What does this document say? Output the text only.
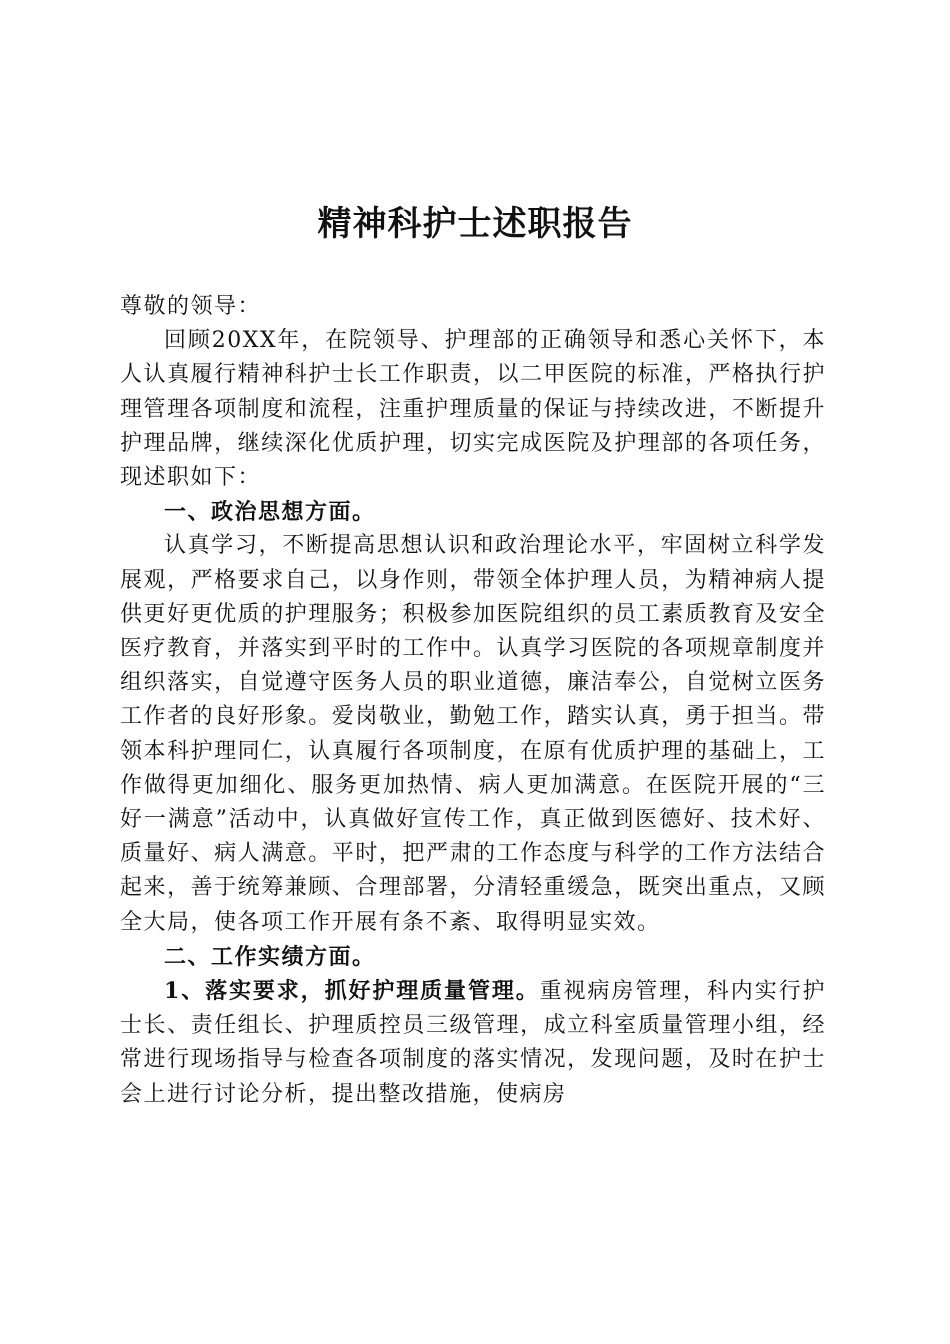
精神科护士述职报告

尊敬的领导：

回顾20XX年，在院领导、护理部的正确领导和悉心关怀下，本人认真履行精神科护士长工作职责，以二甲医院的标准，严格执行护理管理各项制度和流程，注重护理质量的保证与持续改进，不断提升护理品牌，继续深化优质护理，切实完成医院及护理部的各项任务，现述职如下：

一、政治思想方面。

认真学习，不断提高思想认识和政治理论水平，牢固树立科学发展观，严格要求自己，以身作则，带领全体护理人员，为精神病人提供更好更优质的护理服务；积极参加医院组织的员工素质教育及安全医疗教育，并落实到平时的工作中。认真学习医院的各项规章制度并组织落实，自觉遵守医务人员的职业道德，廉洁奉公，自觉树立医务工作者的良好形象。爱岗敬业，勤勉工作，踏实认真，勇于担当。带领本科护理同仁，认真履行各项制度，在原有优质护理的基础上，工作做得更加细化、服务更加热情、病人更加满意。在医院开展的“三好一满意”活动中，认真做好宣传工作，真正做到医德好、技术好、质量好、病人满意。平时，把严肃的工作态度与科学的工作方法结合起来，善于统筹兼顾、合理部署，分清轻重缓急，既突出重点，又顾全大局，使各项工作开展有条不紊、取得明显实效。

二、工作实绩方面。

1、落实要求，抓好护理质量管理。重视病房管理，科内实行护士长、责任组长、护理质控员三级管理，成立科室质量管理小组，经常进行现场指导与检查各项制度的落实情况，发现问题，及时在护士会上进行讨论分析，提出整改措施，使病房
